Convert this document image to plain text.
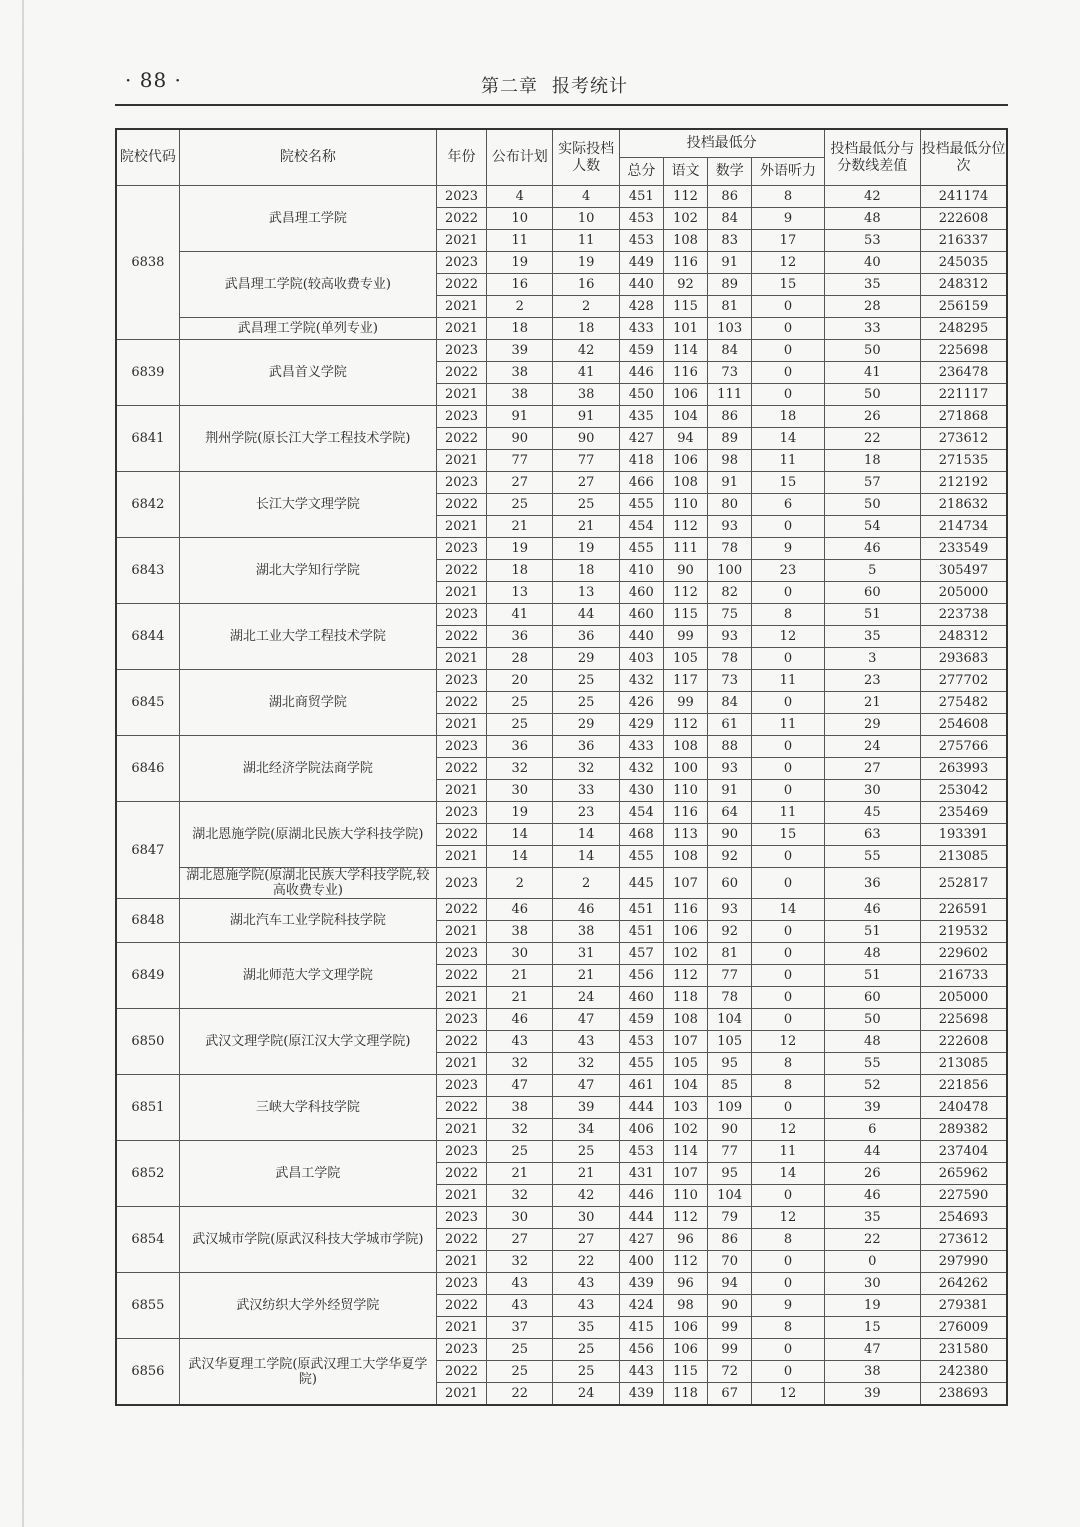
· 88 ·	第二章 报考统计
院校代码	院校名称	年份	公布计划	实际投档人数	投档最低分				投档最低分与分数线差值	投档最低分位次
					总分	语文	数学	外语听力		
6838	武昌理工学院	2023	4	4	451	112	86	8	42	241174
		2022	10	10	453	102	84	9	48	222608
		2021	11	11	453	108	83	17	53	216337
	武昌理工学院(较高收费专业)	2023	19	19	449	116	91	12	40	245035
		2022	16	16	440	92	89	15	35	248312
		2021	2	2	428	115	81	0	28	256159
	武昌理工学院(单列专业)	2021	18	18	433	101	103	0	33	248295
6839	武昌首义学院	2023	39	42	459	114	84	0	50	225698
		2022	38	41	446	116	73	0	41	236478
		2021	38	38	450	106	111	0	50	221117
6841	荆州学院(原长江大学工程技术学院)	2023	91	91	435	104	86	18	26	271868
		2022	90	90	427	94	89	14	22	273612
		2021	77	77	418	106	98	11	18	271535
6842	长江大学文理学院	2023	27	27	466	108	91	15	57	212192
		2022	25	25	455	110	80	6	50	218632
		2021	21	21	454	112	93	0	54	214734
6843	湖北大学知行学院	2023	19	19	455	111	78	9	46	233549
		2022	18	18	410	90	100	23	5	305497
		2021	13	13	460	112	82	0	60	205000
6844	湖北工业大学工程技术学院	2023	41	44	460	115	75	8	51	223738
		2022	36	36	440	99	93	12	35	248312
		2021	28	29	403	105	78	0	3	293683
6845	湖北商贸学院	2023	20	25	432	117	73	11	23	277702
		2022	25	25	426	99	84	0	21	275482
		2021	25	29	429	112	61	11	29	254608
6846	湖北经济学院法商学院	2023	36	36	433	108	88	0	24	275766
		2022	32	32	432	100	93	0	27	263993
		2021	30	33	430	110	91	0	30	253042
6847	湖北恩施学院(原湖北民族大学科技学院)	2023	19	23	454	116	64	11	45	235469
		2022	14	14	468	113	90	15	63	193391
		2021	14	14	455	108	92	0	55	213085
	湖北恩施学院(原湖北民族大学科技学院,较高收费专业)	2023	2	2	445	107	60	0	36	252817
6848	湖北汽车工业学院科技学院	2022	46	46	451	116	93	14	46	226591
		2021	38	38	451	106	92	0	51	219532
6849	湖北师范大学文理学院	2023	30	31	457	102	81	0	48	229602
		2022	21	21	456	112	77	0	51	216733
		2021	21	24	460	118	78	0	60	205000
6850	武汉文理学院(原江汉大学文理学院)	2023	46	47	459	108	104	0	50	225698
		2022	43	43	453	107	105	12	48	222608
		2021	32	32	455	105	95	8	55	213085
6851	三峡大学科技学院	2023	47	47	461	104	85	8	52	221856
		2022	38	39	444	103	109	0	39	240478
		2021	32	34	406	102	90	12	6	289382
6852	武昌工学院	2023	25	25	453	114	77	11	44	237404
		2022	21	21	431	107	95	14	26	265962
		2021	32	42	446	110	104	0	46	227590
6854	武汉城市学院(原武汉科技大学城市学院)	2023	30	30	444	112	79	12	35	254693
		2022	27	27	427	96	86	8	22	273612
		2021	32	22	400	112	70	0	0	297990
6855	武汉纺织大学外经贸学院	2023	43	43	439	96	94	0	30	264262
		2022	43	43	424	98	90	9	19	279381
		2021	37	35	415	106	99	8	15	276009
6856	武汉华夏理工学院(原武汉理工大学华夏学院)	2023	25	25	456	106	99	0	47	231580
		2022	25	25	443	115	72	0	38	242380
		2021	22	24	439	118	67	12	39	238693
